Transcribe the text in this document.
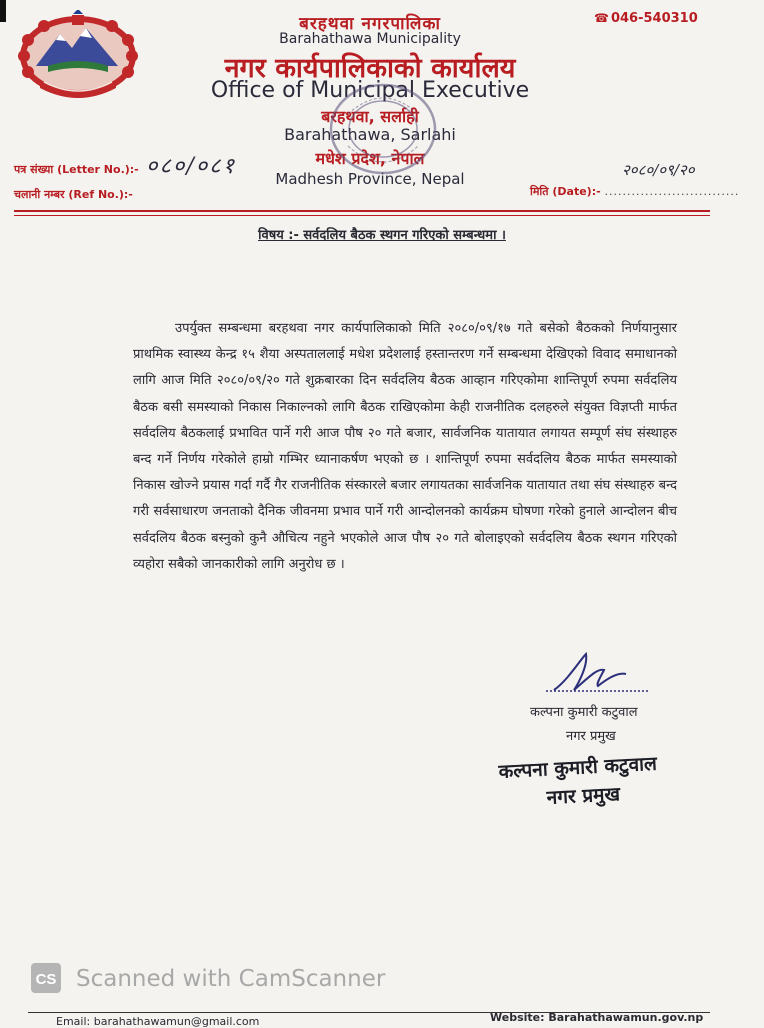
☎ 046-540310
बरहथवा नगरपालिका
Barahathawa Municipality
नगर कार्यपालिकाको कार्यालय
Office of Municipal Executive
बरहथवा, सर्लाही
Barahathawa, Sarlahi
मधेश प्रदेश, नेपाल
Madhesh Province, Nepal
पत्र संख्या (Letter No.):- ०८०/०८१
चलानी नम्बर (Ref No.):-	मिति (Date):- ..............................
२०८०/०९/२०
विषय :- सर्वदलिय बैठक स्थगन गरिएको सम्बन्धमा ।
उपर्युक्त सम्बन्धमा बरहथवा नगर कार्यपालिकाको मिति २०८०/०९/१७ गते बसेको बैठकको निर्णयानुसार प्राथमिक स्वास्थ्य केन्द्र १५ शैया अस्पताललाई मधेश प्रदेशलाई हस्तान्तरण गर्ने सम्बन्धमा देखिएको विवाद समाधानको लागि आज मिति २०८०/०९/२० गते शुक्रबारका दिन सर्वदलिय बैठक आव्हान गरिएकोमा शान्तिपूर्ण रुपमा सर्वदलिय बैठक बसी समस्याको निकास निकाल्नको लागि बैठक राखिएकोमा केही राजनीतिक दलहरुले संयुक्त विज्ञप्ती मार्फत सर्वदलिय बैठकलाई प्रभावित पार्ने गरी आज पौष २० गते बजार, सार्वजनिक यातायात लगायत सम्पूर्ण संघ संस्थाहरु बन्द गर्ने निर्णय गरेकोले हाम्रो गम्भिर ध्यानाकर्षण भएको छ । शान्तिपूर्ण रुपमा सर्वदलिय बैठक मार्फत समस्याको निकास खोज्ने प्रयास गर्दा गर्दै गैर राजनीतिक संस्कारले बजार लगायतका सार्वजनिक यातायात तथा संघ संस्थाहरु बन्द गरी सर्वसाधारण जनताको दैनिक जीवनमा प्रभाव पार्ने गरी आन्दोलनको कार्यक्रम घोषणा गरेको हुनाले आन्दोलन बीच सर्वदलिय बैठक बस्नुको कुनै औचित्य नहुने भएकोले आज पौष २० गते बोलाइएको सर्वदलिय बैठक स्थगन गरिएको व्यहोरा सबैको जानकारीको लागि अनुरोध छ ।
कल्पना कुमारी कटुवाल
नगर प्रमुख
कल्पना कुमारी कटुवाल
नगर प्रमुख
CS Scanned with CamScanner
Email: barahathawamun@gmail.com	Website: Barahathawamun.gov.np
